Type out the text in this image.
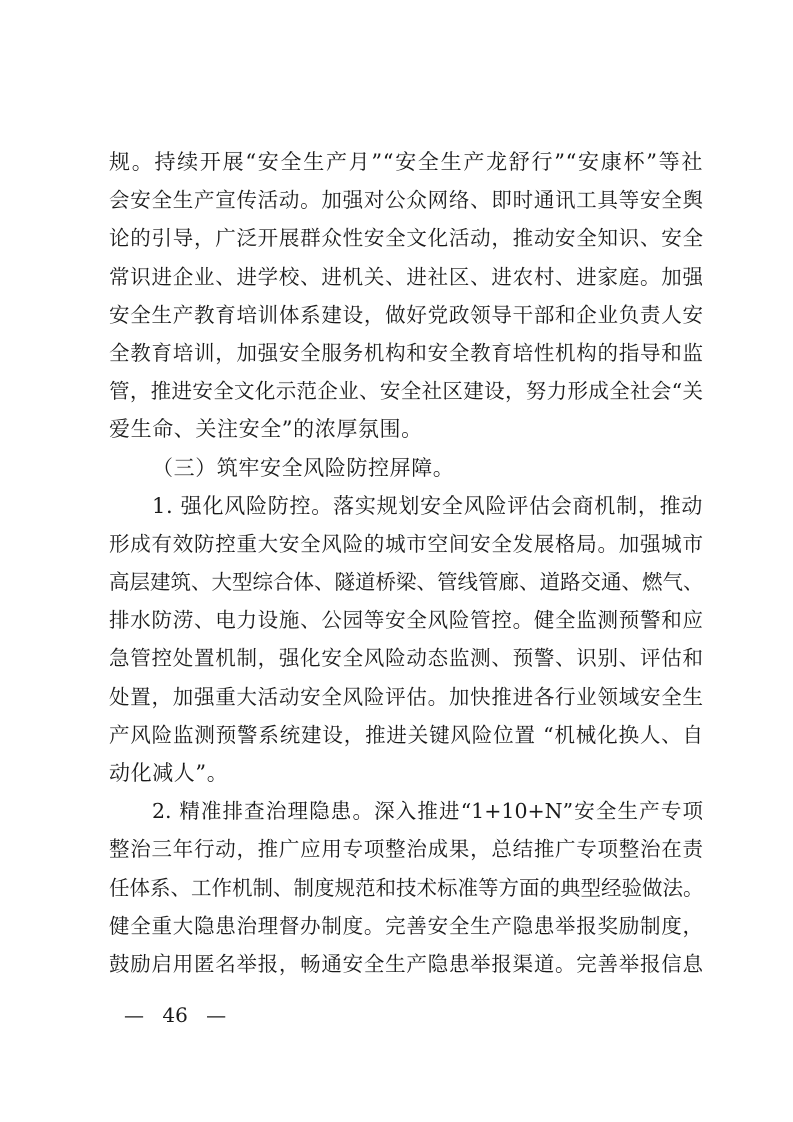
规。持续开展“安全生产月”“安全生产龙舒行”“安康杯”等社
会安全生产宣传活动。加强对公众网络、即时通讯工具等安全舆
论的引导，广泛开展群众性安全文化活动，推动安全知识、安全
常识进企业、进学校、进机关、进社区、进农村、进家庭。加强
安全生产教育培训体系建设，做好党政领导干部和企业负责人安
全教育培训，加强安全服务机构和安全教育培性机构的指导和监
管，推进安全文化示范企业、安全社区建设，努力形成全社会“关
爱生命、关注安全”的浓厚氛围。
（三）筑牢安全风险防控屏障。
1. 强化风险防控。落实规划安全风险评估会商机制，推动
形成有效防控重大安全风险的城市空间安全发展格局。加强城市
高层建筑、大型综合体、隧道桥梁、管线管廊、道路交通、燃气、
排水防涝、电力设施、公园等安全风险管控。健全监测预警和应
急管控处置机制，强化安全风险动态监测、预警、识别、评估和
处置，加强重大活动安全风险评估。加快推进各行业领域安全生
产风险监测预警系统建设，推进关键风险位置 “机械化换人、自
动化减人”。
2. 精准排查治理隐患。深入推进“1+10+N”安全生产专项
整治三年行动，推广应用专项整治成果，总结推广专项整治在责
任体系、工作机制、制度规范和技术标准等方面的典型经验做法。
健全重大隐患治理督办制度。完善安全生产隐患举报奖励制度，
鼓励启用匿名举报，畅通安全生产隐患举报渠道。完善举报信息
— 46 —
